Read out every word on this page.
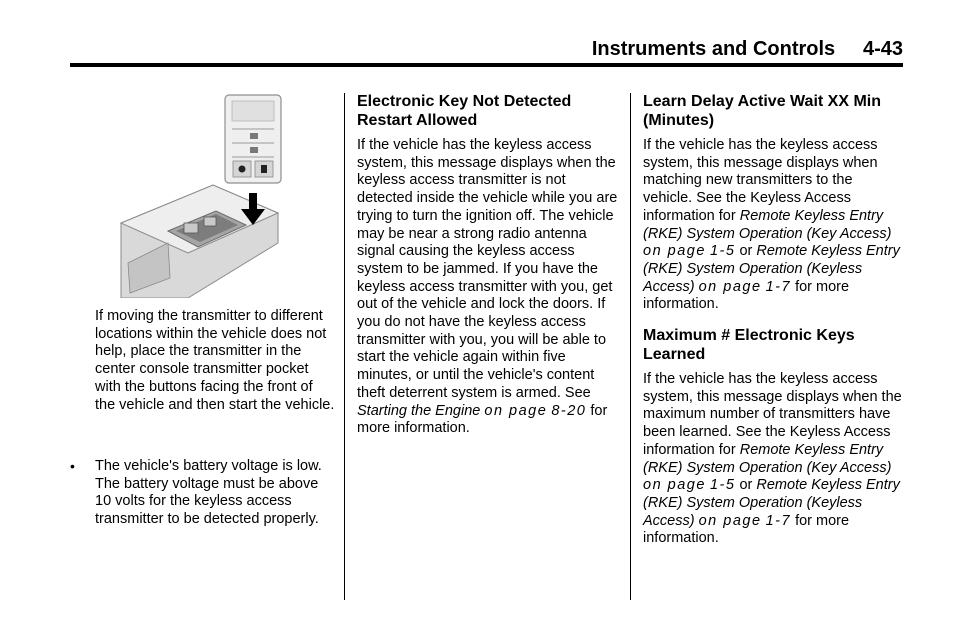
Instruments and Controls 4-43

If moving the transmitter to different locations within the vehicle does not help, place the transmitter in the center console transmitter pocket with the buttons facing the front of the vehicle and then start the vehicle.

• The vehicle's battery voltage is low. The battery voltage must be above 10 volts for the keyless access transmitter to be detected properly.

Electronic Key Not Detected Restart Allowed

If the vehicle has the keyless access system, this message displays when the keyless access transmitter is not detected inside the vehicle while you are trying to turn the ignition off. The vehicle may be near a strong radio antenna signal causing the keyless access system to be jammed. If you have the keyless access transmitter with you, get out of the vehicle and lock the doors. If you do not have the keyless access transmitter with you, you will be able to start the vehicle again within five minutes, or until the vehicle's content theft deterrent system is armed. See Starting the Engine on page 8-20 for more information.

Learn Delay Active Wait XX Min (Minutes)

If the vehicle has the keyless access system, this message displays when matching new transmitters to the vehicle. See the Keyless Access information for Remote Keyless Entry (RKE) System Operation (Key Access) on page 1-5 or Remote Keyless Entry (RKE) System Operation (Keyless Access) on page 1-7 for more information.

Maximum # Electronic Keys Learned

If the vehicle has the keyless access system, this message displays when the maximum number of transmitters have been learned. See the Keyless Access information for Remote Keyless Entry (RKE) System Operation (Key Access) on page 1-5 or Remote Keyless Entry (RKE) System Operation (Keyless Access) on page 1-7 for more information.
